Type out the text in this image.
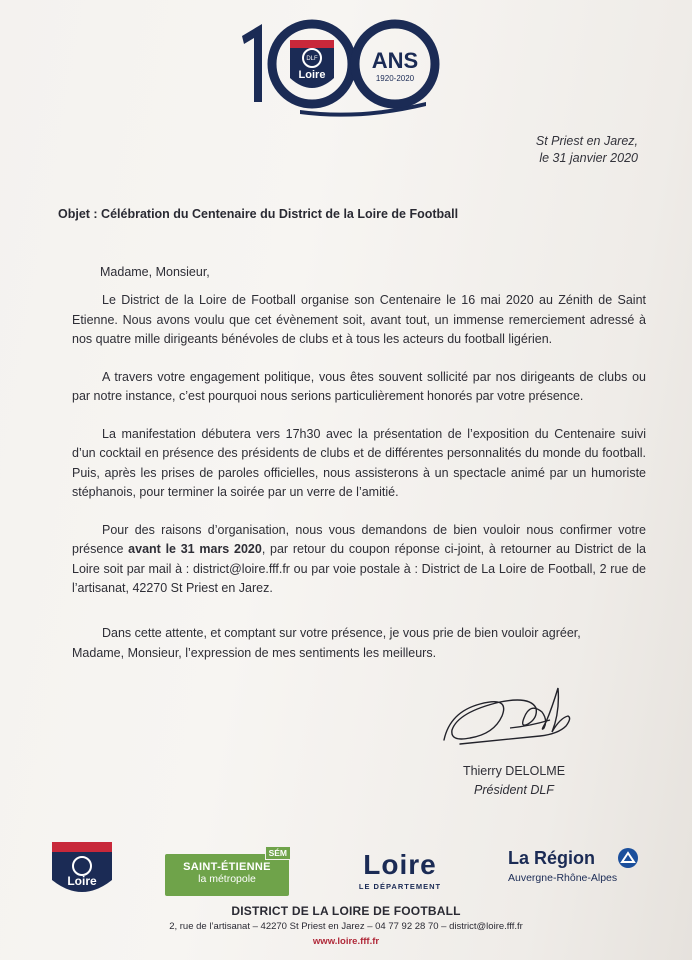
DLF
Loire
ANS
1920-2020
St Priest en Jarez,
le 31 janvier 2020
Objet : Célébration du Centenaire du District de la Loire de Football
Madame, Monsieur,

Le District de la Loire de Football organise son Centenaire le 16 mai 2020 au Zénith de Saint Etienne. Nous avons voulu que cet évènement soit, avant tout, un immense remerciement adressé à nos quatre mille dirigeants bénévoles de clubs et à tous les acteurs du football ligérien.

A travers votre engagement politique, vous êtes souvent sollicité par nos dirigeants de clubs ou par notre instance, c’est pourquoi nous serions particulièrement honorés par votre présence.

La manifestation débutera vers 17h30 avec la présentation de l’exposition du Centenaire suivi d’un cocktail en présence des présidents de clubs et de différentes personnalités du monde du football. Puis, après les prises de paroles officielles, nous assisterons à un spectacle animé par un humoriste stéphanois, pour terminer la soirée par un verre de l’amitié.

Pour des raisons d’organisation, nous vous demandons de bien vouloir nous confirmer votre présence avant le 31 mars 2020, par retour du coupon réponse ci-joint, à retourner au District de la Loire soit par mail à : district@loire.fff.fr ou par voie postale à : District de La Loire de Football, 2 rue de l’artisanat, 42270 St Priest en Jarez.

Dans cette attente, et comptant sur votre présence, je vous prie de bien vouloir agréer,
Madame, Monsieur, l’expression de mes sentiments les meilleurs.
Thierry DELOLME
Président DLF
Loire
SAINT-ÉTIENNE
la métropole
SÉM	Loire
LE DÉPARTEMENT
La Région
Auvergne-Rhône-Alpes
DISTRICT DE LA LOIRE DE FOOTBALL
2, rue de l’artisanat – 42270 St Priest en Jarez – 04 77 92 28 70 – district@loire.fff.fr
www.loire.fff.fr
